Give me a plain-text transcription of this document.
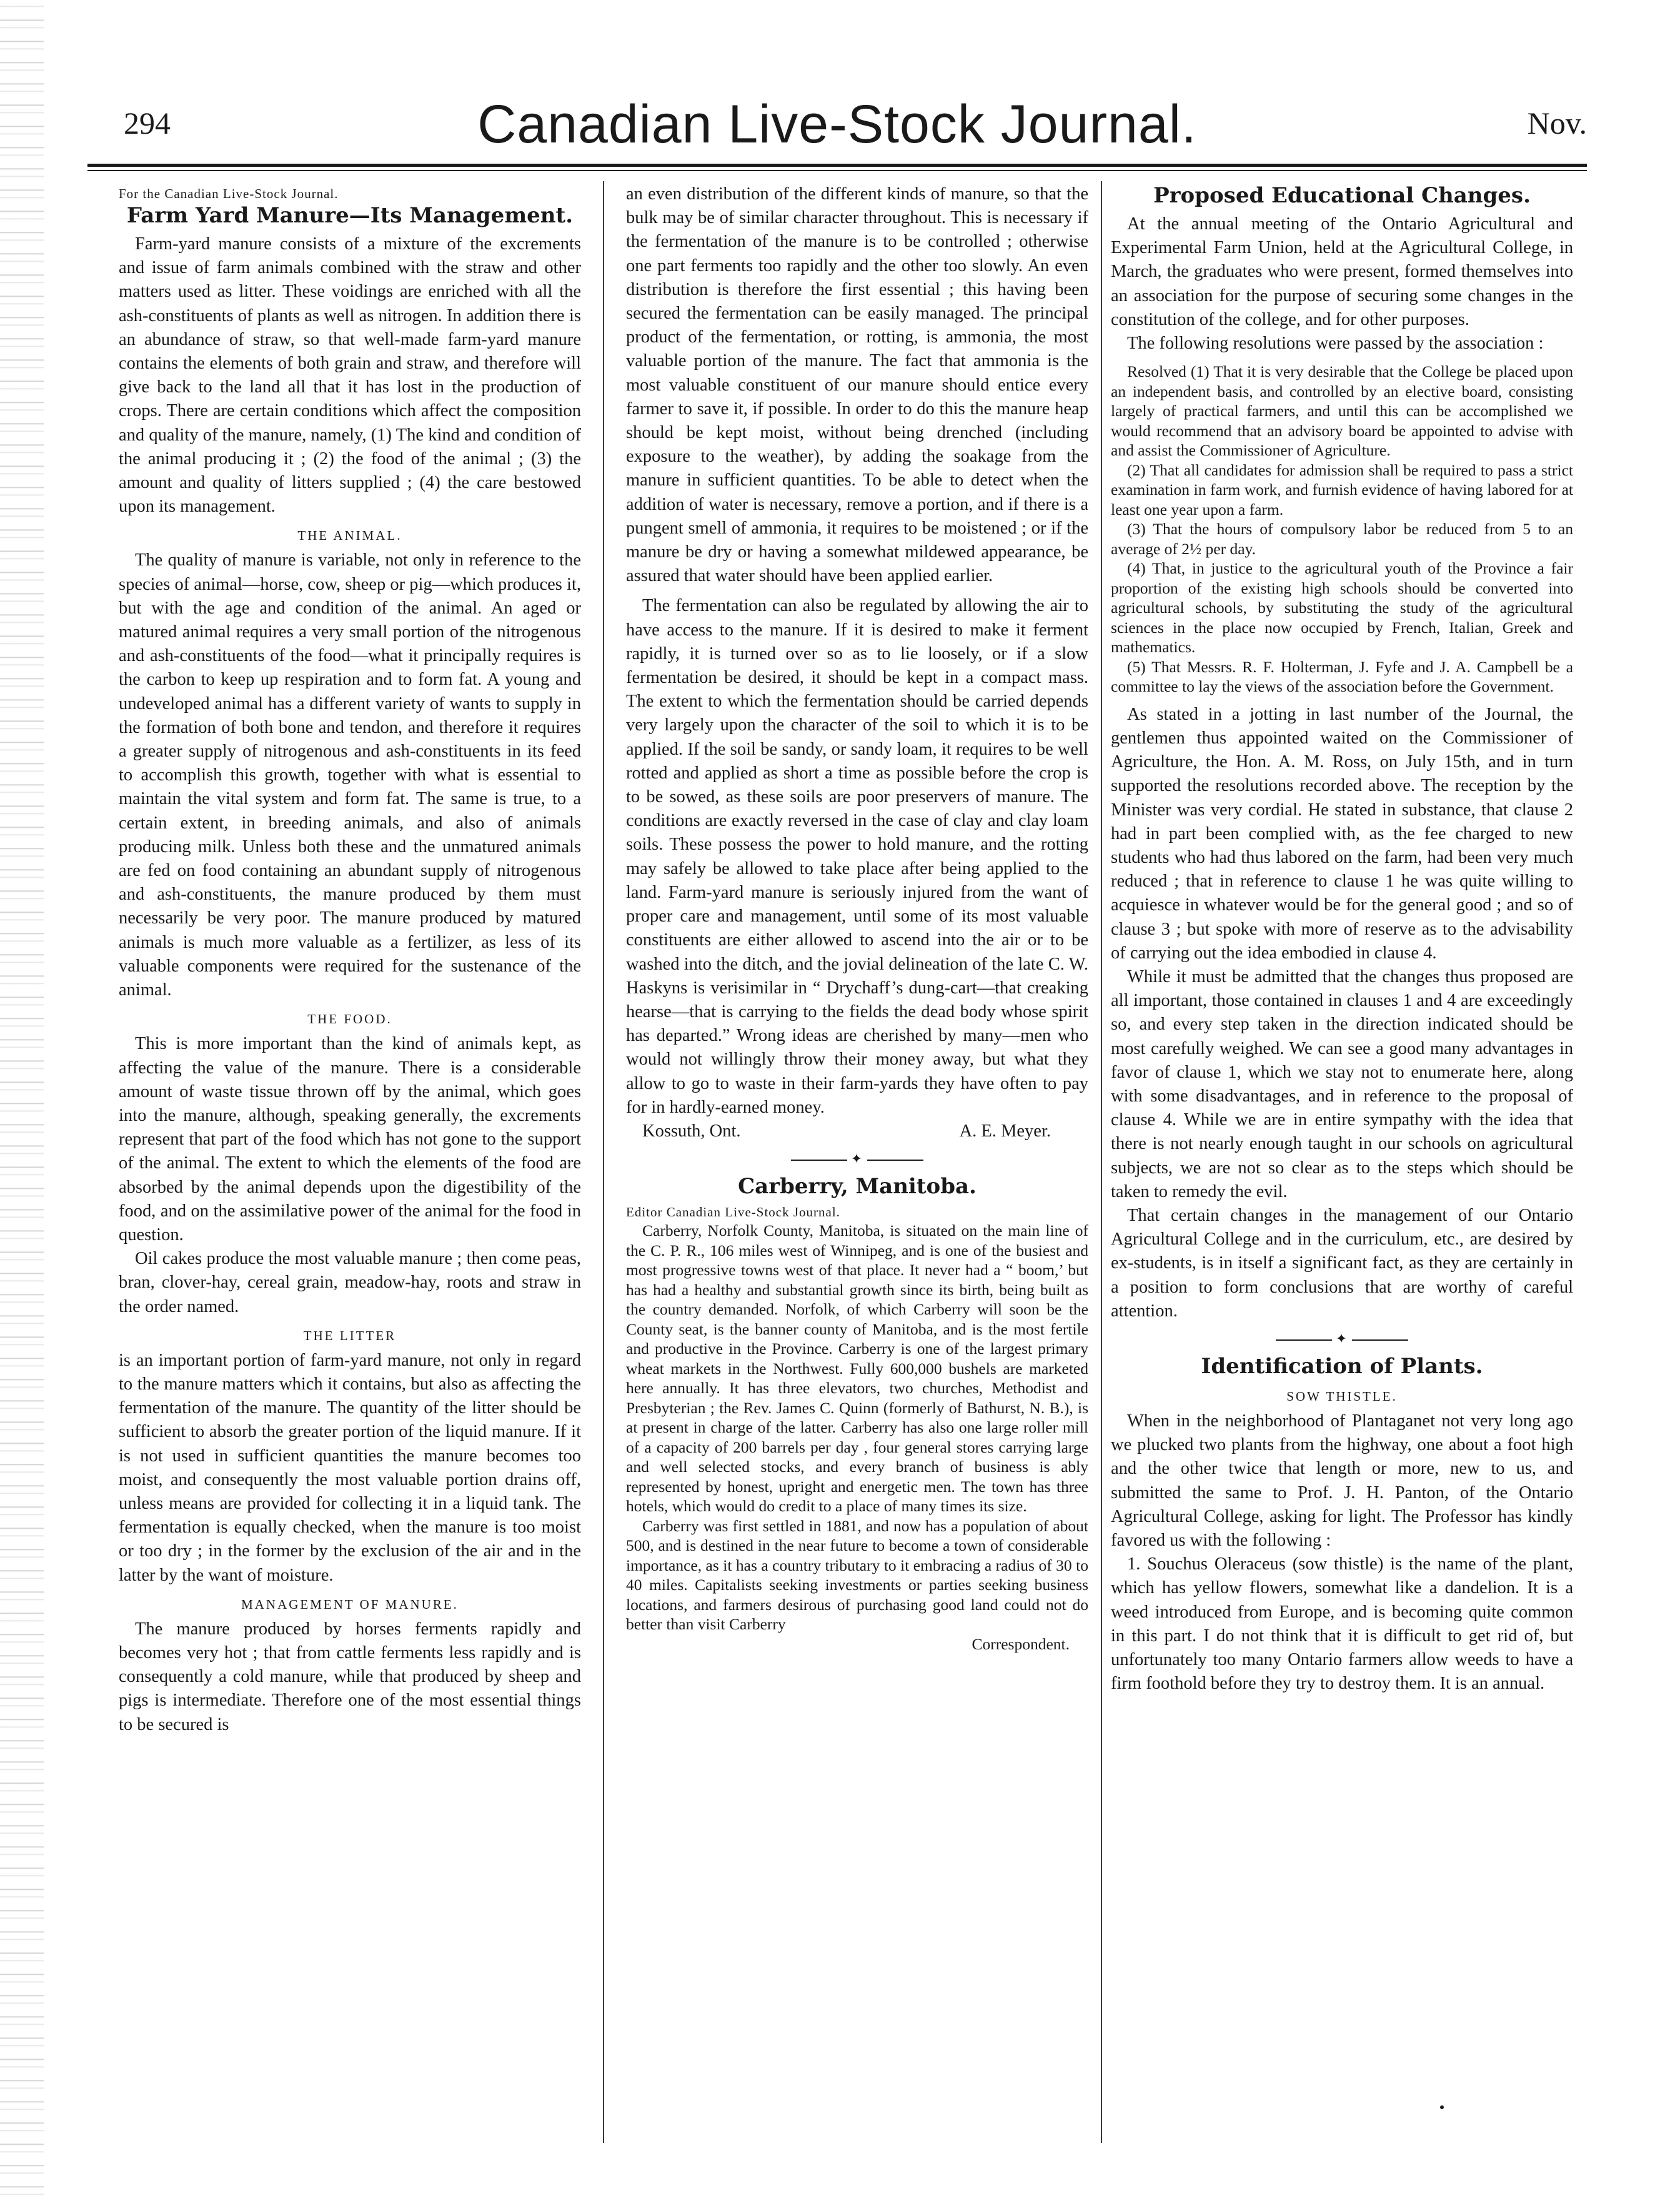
294	Canadian Live-Stock Journal.	Nov.
For the Canadian Live-Stock Journal.
Farm Yard Manure—Its Management.

Farm-yard manure consists of a mixture of the excrements and issue of farm animals combined with the straw and other matters used as litter. These voidings are enriched with all the ash-constituents of plants as well as nitrogen. In addition there is an abundance of straw, so that well-made farm-yard manure contains the elements of both grain and straw, and therefore will give back to the land all that it has lost in the production of crops. There are certain conditions which affect the composition and quality of the manure, namely, (1) The kind and condition of the animal producing it ; (2) the food of the animal ; (3) the amount and quality of litters supplied ; (4) the care bestowed upon its management.

THE ANIMAL.

The quality of manure is variable, not only in reference to the species of animal—horse, cow, sheep or pig—which produces it, but with the age and condition of the animal. An aged or matured animal requires a very small portion of the nitrogenous and ash-constituents of the food—what it principally requires is the carbon to keep up respiration and to form fat. A young and undeveloped animal has a different variety of wants to supply in the formation of both bone and tendon, and therefore it requires a greater supply of nitrogenous and ash-constituents in its feed to accomplish this growth, together with what is essential to maintain the vital system and form fat. The same is true, to a certain extent, in breeding animals, and also of animals producing milk. Unless both these and the unmatured animals are fed on food containing an abundant supply of nitrogenous and ash-constituents, the manure produced by them must necessarily be very poor. The manure produced by matured animals is much more valuable as a fertilizer, as less of its valuable components were required for the sustenance of the animal.

THE FOOD.

This is more important than the kind of animals kept, as affecting the value of the manure. There is a considerable amount of waste tissue thrown off by the animal, which goes into the manure, although, speaking generally, the excrements represent that part of the food which has not gone to the support of the animal. The extent to which the elements of the food are absorbed by the animal depends upon the digestibility of the food, and on the assimilative power of the animal for the food in question.

Oil cakes produce the most valuable manure ; then come peas, bran, clover-hay, cereal grain, meadow-hay, roots and straw in the order named.

THE LITTER

is an important portion of farm-yard manure, not only in regard to the manure matters which it contains, but also as affecting the fermentation of the manure. The quantity of the litter should be sufficient to absorb the greater portion of the liquid manure. If it is not used in sufficient quantities the manure becomes too moist, and consequently the most valuable portion drains off, unless means are provided for collecting it in a liquid tank. The fermentation is equally checked, when the manure is too moist or too dry ; in the former by the exclusion of the air and in the latter by the want of moisture.

MANAGEMENT OF MANURE.

The manure produced by horses ferments rapidly and becomes very hot ; that from cattle ferments less rapidly and is consequently a cold manure, while that produced by sheep and pigs is intermediate. Therefore one of the most essential things to be secured is

an even distribution of the different kinds of manure, so that the bulk may be of similar character throughout. This is necessary if the fermentation of the manure is to be controlled ; otherwise one part ferments too rapidly and the other too slowly. An even distribution is therefore the first essential ; this having been secured the fermentation can be easily managed. The principal product of the fermentation, or rotting, is ammonia, the most valuable portion of the manure. The fact that ammonia is the most valuable constituent of our manure should entice every farmer to save it, if possible. In order to do this the manure heap should be kept moist, without being drenched (including exposure to the weather), by adding the soakage from the manure in sufficient quantities. To be able to detect when the addition of water is necessary, remove a portion, and if there is a pungent smell of ammonia, it requires to be moistened ; or if the manure be dry or having a somewhat mildewed appearance, be assured that water should have been applied earlier.

The fermentation can also be regulated by allowing the air to have access to the manure. If it is desired to make it ferment rapidly, it is turned over so as to lie loosely, or if a slow fermentation be desired, it should be kept in a compact mass. The extent to which the fermentation should be carried depends very largely upon the character of the soil to which it is to be applied. If the soil be sandy, or sandy loam, it requires to be well rotted and applied as short a time as possible before the crop is to be sowed, as these soils are poor preservers of manure. The conditions are exactly reversed in the case of clay and clay loam soils. These possess the power to hold manure, and the rotting may safely be allowed to take place after being applied to the land. Farm-yard manure is seriously injured from the want of proper care and management, until some of its most valuable constituents are either allowed to ascend into the air or to be washed into the ditch, and the jovial delineation of the late C. W. Haskyns is verisimilar in “ Drychaff’s dung-cart—that creaking hearse—that is carrying to the fields the dead body whose spirit has departed.” Wrong ideas are cherished by many—men who would not willingly throw their money away, but what they allow to go to waste in their farm-yards they have often to pay for in hardly-earned money.

Kossuth, Ont.	A. E. Meyer.
✦
Carberry, Manitoba.
Editor Canadian Live-Stock Journal.

Carberry, Norfolk County, Manitoba, is situated on the main line of the C. P. R., 106 miles west of Winnipeg, and is one of the busiest and most progressive towns west of that place. It never had a “ boom,’ but has had a healthy and substantial growth since its birth, being built as the country demanded. Norfolk, of which Carberry will soon be the County seat, is the banner county of Manitoba, and is the most fertile and productive in the Province. Carberry is one of the largest primary wheat markets in the Northwest. Fully 600,000 bushels are marketed here annually. It has three elevators, two churches, Methodist and Presbyterian ; the Rev. James C. Quinn (formerly of Bathurst, N. B.), is at present in charge of the latter. Carberry has also one large roller mill of a capacity of 200 barrels per day , four general stores carrying large and well selected stocks, and every branch of business is ably represented by honest, upright and energetic men. The town has three hotels, which would do credit to a place of many times its size.

Carberry was first settled in 1881, and now has a population of about 500, and is destined in the near future to become a town of considerable importance, as it has a country tributary to it embracing a radius of 30 to 40 miles. Capitalists seeking investments or parties seeking business locations, and farmers desirous of purchasing good land could not do better than visit Carberry

Correspondent.
Proposed Educational Changes.

At the annual meeting of the Ontario Agricultural and Experimental Farm Union, held at the Agricultural College, in March, the graduates who were present, formed themselves into an association for the purpose of securing some changes in the constitution of the college, and for other purposes.

The following resolutions were passed by the association :

Resolved (1) That it is very desirable that the College be placed upon an independent basis, and controlled by an elective board, consisting largely of practical farmers, and until this can be accomplished we would recommend that an advisory board be appointed to advise with and assist the Commissioner of Agriculture.

(2) That all candidates for admission shall be required to pass a strict examination in farm work, and furnish evidence of having labored for at least one year upon a farm.

(3) That the hours of compulsory labor be reduced from 5 to an average of 2½ per day.

(4) That, in justice to the agricultural youth of the Province a fair proportion of the existing high schools should be converted into agricultural schools, by substituting the study of the agricultural sciences in the place now occupied by French, Italian, Greek and mathematics.

(5) That Messrs. R. F. Holterman, J. Fyfe and J. A. Campbell be a committee to lay the views of the association before the Government.

As stated in a jotting in last number of the Journal, the gentlemen thus appointed waited on the Commissioner of Agriculture, the Hon. A. M. Ross, on July 15th, and in turn supported the resolutions recorded above. The reception by the Minister was very cordial. He stated in substance, that clause 2 had in part been complied with, as the fee charged to new students who had thus labored on the farm, had been very much reduced ; that in reference to clause 1 he was quite willing to acquiesce in whatever would be for the general good ; and so of clause 3 ; but spoke with more of reserve as to the advisability of carrying out the idea embodied in clause 4.

While it must be admitted that the changes thus proposed are all important, those contained in clauses 1 and 4 are exceedingly so, and every step taken in the direction indicated should be most carefully weighed. We can see a good many advantages in favor of clause 1, which we stay not to enumerate here, along with some disadvantages, and in reference to the proposal of clause 4. While we are in entire sympathy with the idea that there is not nearly enough taught in our schools on agricultural subjects, we are not so clear as to the steps which should be taken to remedy the evil.

That certain changes in the management of our Ontario Agricultural College and in the curriculum, etc., are desired by ex-students, is in itself a significant fact, as they are certainly in a position to form conclusions that are worthy of careful attention.

✦
Identification of Plants.
SOW THISTLE.

When in the neighborhood of Plantaganet not very long ago we plucked two plants from the highway, one about a foot high and the other twice that length or more, new to us, and submitted the same to Prof. J. H. Panton, of the Ontario Agricultural College, asking for light. The Professor has kindly favored us with the following :

1. Souchus Oleraceus (sow thistle) is the name of the plant, which has yellow flowers, somewhat like a dandelion. It is a weed introduced from Europe, and is becoming quite common in this part. I do not think that it is difficult to get rid of, but unfortunately too many Ontario farmers allow weeds to have a firm foothold before they try to destroy them. It is an annual.
